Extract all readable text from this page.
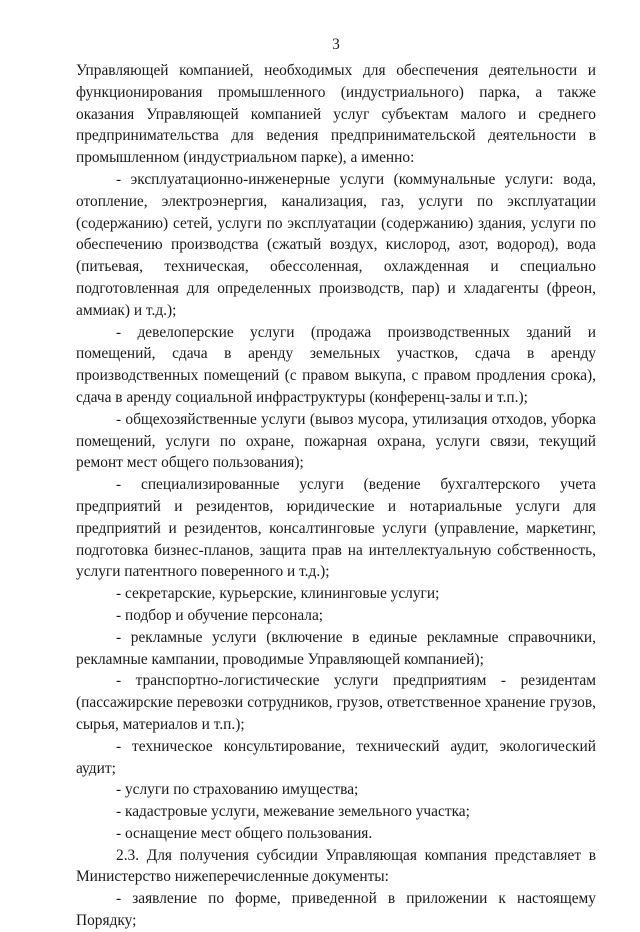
3

Управляющей компанией, необходимых для обеспечения деятельности и функционирования промышленного (индустриального) парка, а также оказания Управляющей компанией услуг субъектам малого и среднего предпринимательства для ведения предпринимательской деятельности в промышленном (индустриальном парке), а именно:

- эксплуатационно-инженерные услуги (коммунальные услуги: вода, отопление, электроэнергия, канализация, газ, услуги по эксплуатации (содержанию) сетей, услуги по эксплуатации (содержанию) здания, услуги по обеспечению производства (сжатый воздух, кислород, азот, водород), вода (питьевая, техническая, обессоленная, охлажденная и специально подготовленная для определенных производств, пар) и хладагенты (фреон, аммиак) и т.д.);

- девелоперские услуги (продажа производственных зданий и помещений, сдача в аренду земельных участков, сдача в аренду производственных помещений (с правом выкупа, с правом продления срока), сдача в аренду социальной инфраструктуры (конференц-залы и т.п.);

- общехозяйственные услуги (вывоз мусора, утилизация отходов, уборка помещений, услуги по охране, пожарная охрана, услуги связи, текущий ремонт мест общего пользования);

- специализированные услуги (ведение бухгалтерского учета предприятий и резидентов, юридические и нотариальные услуги для предприятий и резидентов, консалтинговые услуги (управление, маркетинг, подготовка бизнес-планов, защита прав на интеллектуальную собственность, услуги патентного поверенного и т.д.);

- секретарские, курьерские, клининговые услуги;

- подбор и обучение персонала;

- рекламные услуги (включение в единые рекламные справочники, рекламные кампании, проводимые Управляющей компанией);

- транспортно-логистические услуги предприятиям - резидентам (пассажирские перевозки сотрудников, грузов, ответственное хранение грузов, сырья, материалов и т.п.);

- техническое консультирование, технический аудит, экологический аудит;

- услуги по страхованию имущества;

- кадастровые услуги, межевание земельного участка;

- оснащение мест общего пользования.

2.3. Для получения субсидии Управляющая компания представляет в Министерство нижеперечисленные документы:

- заявление по форме, приведенной в приложении к настоящему Порядку;
